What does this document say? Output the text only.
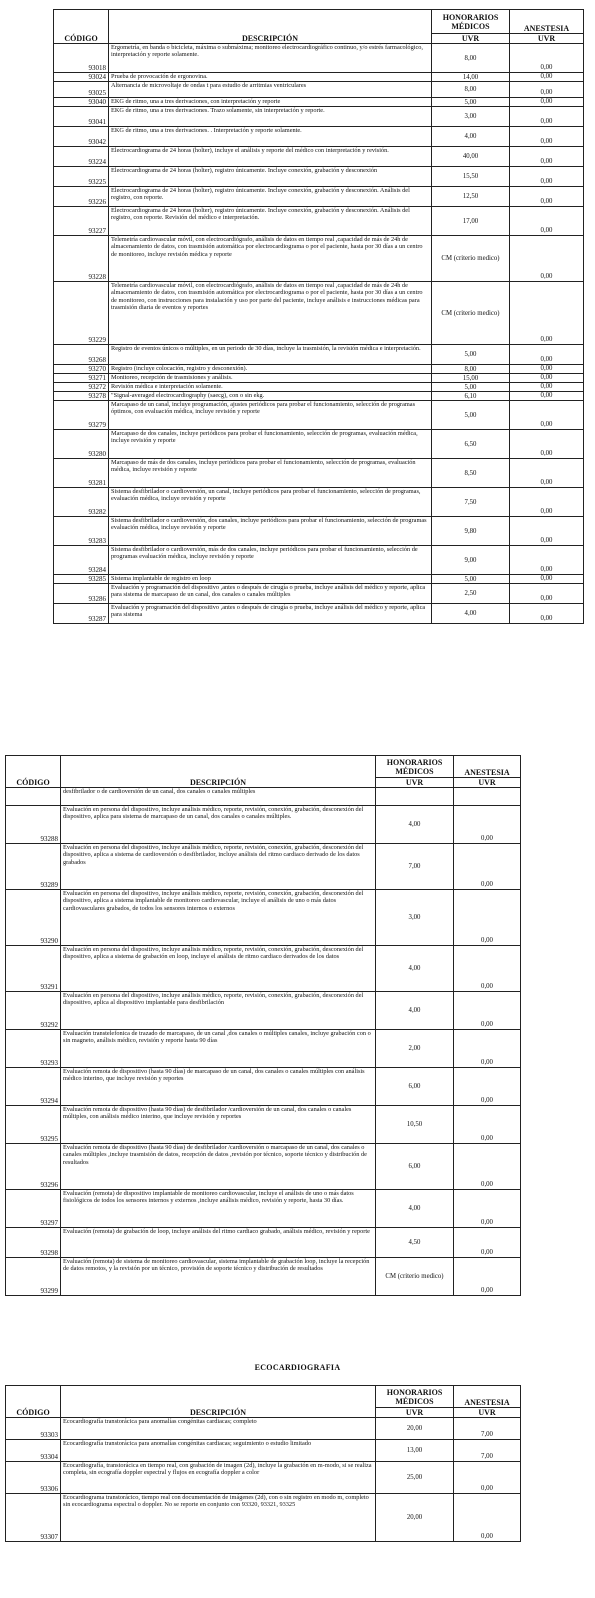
CÓDIGO	DESCRIPCIÓN	HONORARIOS MÉDICOS	ANESTESIA
		UVR	UVR
93018	Ergometría, en banda o bicicleta, máxima o submáxima; monitoreo electrocardiográfico continuo, y/o estrés farmacológico, interpretación y reporte solamente.	8,00	0,00
93024	Prueba de provocación de ergonovina.	14,00	0,00
93025	Alternancia de microvoltaje de ondas t para estudio de arritmias ventriculares	8,00	0,00
93040	EKG de ritmo, una a tres derivaciones, con interpretación y reporte	5,00	0,00
93041	EKG de ritmo, una a tres derivaciones. Trazo solamente, sin interpretación y reporte.	3,00	0,00
93042	EKG de ritmo, una a tres derivaciones. . Interpretación y reporte solamente.	4,00	0,00
93224	Electrocardiograma de 24 horas (holter), incluye el análisis y reporte del médico con interpretación y revisión.	40,00	0,00
93225	Electrocardiograma de 24 horas (holter), registro únicamente. Incluye conexión, grabación y desconexión	15,50	0,00
93226	Electrocardiograma de 24 horas (holter), registro únicamente. Incluye conexión, grabación y desconexión. Análisis del registro, con reporte.	12,50	0,00
93227	Electrocardiograma de 24 horas (holter), registro únicamente. Incluye conexión, grabación y desconexión. Análisis del registro, con reporte. Revisión del médico e interpretación.	17,00	0,00
93228	Telemetría cardiovascular móvil, con electrocardiógrafo, análisis de datos en tiempo real ,capacidad de más de 24h de almacenamiento de datos, con trasmisión automática por electrocardiograma o por el paciente, hasta por 30 días a un centro de monitoreo, incluye revisión médica y reporte	CM (criterio medico)	0,00
93229	Telemetría cardiovascular móvil, con electrocardiógrafo, análisis de datos en tiempo real ,capacidad de más de 24h de almacenamiento de datos, con trasmisión automática por electrocardiograma o por el paciente, hasta por 30 días a un centro de monitoreo, con instrucciones para instalación y uso por parte del paciente, incluye análisis e instrucciones médicas para trasmisión diaria de eventos y reportes	CM (criterio medico)	0,00
93268	Registro de eventos únicos o múltiples, en un periodo de 30 días, incluye la trasmisión, la revisión médica e interpretación.	5,00	0,00
93270	Registro (incluye colocación, registro y desconexión).	8,00	0,00
93271	Monitoreo, recepción de trasmisiones y análisis.	15,00	0,00
93272	Revisión médica e interpretación solamente.	5,00	0,00
93278	"Signal-averaged electrocardiography (saecg), con o sin ekg.	6,10	0,00
93279	Marcapaso de un canal, incluye programación, ajustes periódicos para probar el funcionamiento, selección de programas óptimos, con evaluación médica, incluye revisión y reporte	5,00	0,00
93280	Marcapaso de dos canales, incluye periódicos para probar el funcionamiento, selección de programas, evaluación médica, incluye revisión y reporte	6,50	0,00
93281	Marcapaso de más de dos canales, incluye periódicos para probar el funcionamiento, selección de programas, evaluación médica, incluye revisión y reporte	8,50	0,00
93282	Sistema desfibrilador o cardioversión, un canal, incluye periódicos para probar el funcionamiento, selección de programas, evaluación médica, incluye revisión y reporte	7,50	0,00
93283	Sistema desfibrilador o cardioversión, dos canales, incluye periódicos para probar el funcionamiento, selección de programas evaluación médica, incluye revisión y reporte	9,80	0,00
93284	Sistema desfibrilador o cardioversión, más de dos canales, incluye periódicos para probar el funcionamiento, selección de programas evaluación médica, incluye revisión y reporte	9,00	0,00
93285	Sistema implantable de registro en loop	5,00	0,00
93286	Evaluación y programación del dispositivo ,antes o después de cirugía o prueba, incluye análisis del médico y reporte, aplica para sistema de marcapaso de un canal, dos canales o canales múltiples	2,50	0,00
93287	Evaluación y programación del dispositivo ,antes o después de cirugía o prueba, incluye análisis del médico y reporte, aplica para sistema	4,00	0,00
CÓDIGO	DESCRIPCIÓN	HONORARIOS MÉDICOS	ANESTESIA
		UVR	UVR
	desfibrilador o de cardioversión de un canal, dos canales o canales múltiples		
93288	Evaluación en persona del dispositivo, incluye análisis médico, reporte, revisión, conexión, grabación, desconexión del dispositivo, aplica para sistema de marcapaso de un canal, dos canales o canales múltiples.	4,00	0,00
93289	Evaluación en persona del dispositivo, incluye análisis médico, reporte, revisión, conexión, grabación, desconexión del dispositivo, aplica a sistema de cardioversión o desfibrilador, incluye análisis del ritmo cardiaco derivado de los datos grabados	7,00	0,00
93290	Evaluación en persona del dispositivo, incluye análisis médico, reporte, revisión, conexión, grabación, desconexión del dispositivo, aplica a sistema implantable de monitoreo cardiovascular, incluye el análisis de uno o más datos cardiovasculares grabados, de todos los sensores internos o externos	3,00	0,00
93291	Evaluación en persona del dispositivo, incluye análisis médico, reporte, revisión, conexión, grabación, desconexión del dispositivo, aplica a sistema de grabación en loop, incluye el análisis de ritmo cardiaco derivados de los datos	4,00	0,00
93292	Evaluación en persona del dispositivo, incluye análisis médico, reporte, revisión, conexión, grabación, desconexión del dispositivo, aplica al dispositivo implantable para desfibrilación	4,00	0,00
93293	Evaluación transtelefonica de trazado de marcapaso, de un canal ,dos canales o múltiples canales, incluye grabación con o sin magneto, análisis médico, revisión y reporte hasta 90 días	2,00	0,00
93294	Evaluación remota de dispositivo (hasta 90 días) de marcapaso de un canal, dos canales o canales múltiples con análisis médico interino, que incluye revisión y reportes	6,00	0,00
93295	Evaluación remota de dispositivo (hasta 90 días) de desfibrilador /cardioversión de un canal, dos canales o canales múltiples, con análisis médico interino, que incluye revisión y reportes	10,50	0,00
93296	Evaluación remota de dispositivo (hasta 90 días) de desfibrilador /cardioversión o marcapaso de un canal, dos canales o canales múltiples ,incluye trasmisión de datos, recepción de datos ,revisión por técnico, soporte técnico y distribución de resultados	6,00	0,00
93297	Evaluación (remota) de dispositivo implantable de monitoreo cardiovascular, incluye el análisis de uno o más datos fisiológicos de todos los sensores internos y externos ,incluye análisis médico, revisión y reporte, hasta 30 días.	4,00	0,00
93298	Evaluación (remota) de grabación de loop, incluye análisis del ritmo cardiaco grabado, análisis médico, revisión y reporte	4,50	0,00
93299	Evaluación (remota) de sistema de monitoreo cardiovascular, sistema implantable de grabación loop, incluye la recepción de datos remotos, y la revisión por un técnico, provisión de soporte técnico y distribución de resultados	CM (criterio medico)	0,00
ECOCARDIOGRAFIA
CÓDIGO	DESCRIPCIÓN	HONORARIOS MÉDICOS	ANESTESIA
		UVR	UVR
93303	Ecocardiografía transtorácica para anomalías congénitas cardiacas; completo	20,00	7,00
93304	Ecocardiografía transtorácica para anomalías congénitas cardiacas; seguimiento o estudio limitado	13,00	7,00
93306	Ecocardiografía, transtorácica en tiempo real, con grabación de imagen (2d), incluye la grabación en m-modo, si se realiza completa, sin ecografía doppler espectral y flujos en ecografía doppler a color	25,00	0,00
93307	Ecocardiograma transtorácico, tiempo real con documentación de imágenes (2d), con o sin registro en modo m, completo sin ecocardiograma espectral o doppler. No se reporte en conjunto con 93320, 93321, 93325	20,00	0,00
